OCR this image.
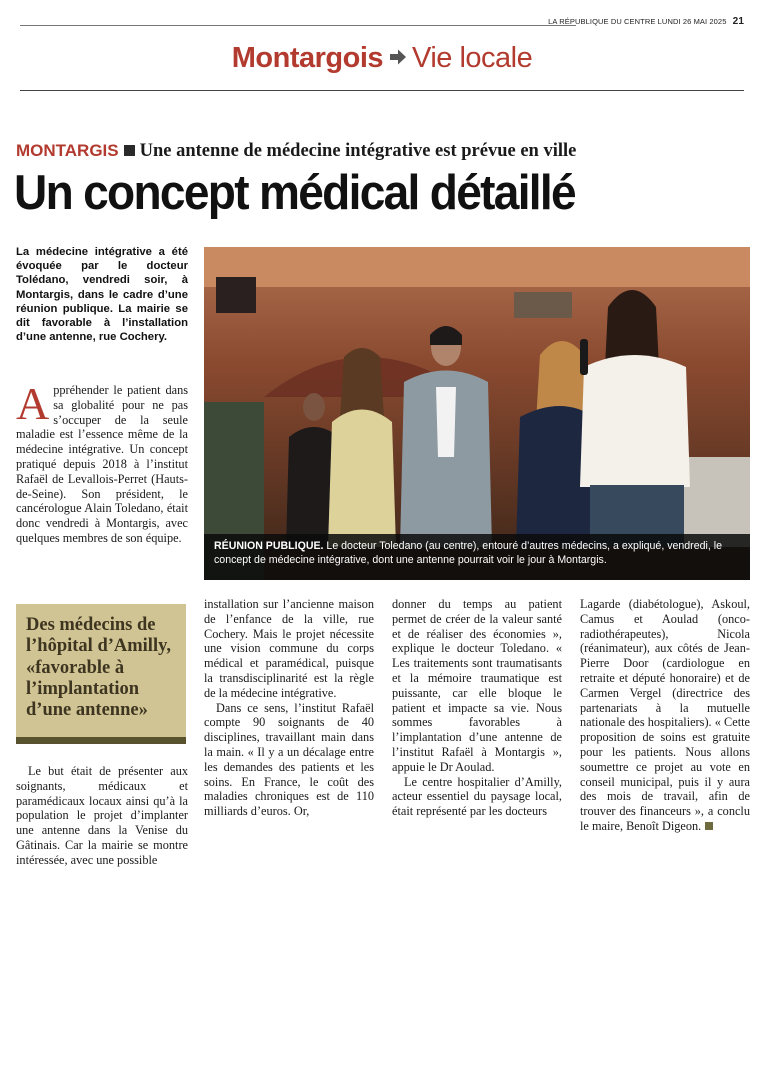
LA RÉPUBLIQUE DU CENTRE LUNDI 26 MAI 2025 21
Montargois Vie locale
MONTARGIS Une antenne de médecine intégrative est prévue en ville
Un concept médical détaillé
La médecine intégrative a été évoquée par le docteur Tolédano, vendredi soir, à Montargis, dans le cadre d’une réunion publique. La mairie se dit favorable à l’installation d’une antenne, rue Cochery.
RÉUNION PUBLIQUE. Le docteur Toledano (au centre), entouré d’autres médecins, a expliqué, vendredi, le concept de médecine intégrative, dont une antenne pourrait voir le jour à Montargis.

Appréhender le patient dans sa globalité pour ne pas s’occuper de la seule maladie est l’essence même de la médecine intégrative. Un concept pratiqué depuis 2018 à l’institut Rafaël de Levallois-Perret (Hauts-de-Seine). Son président, le cancérologue Alain Toledano, était donc vendredi à Montargis, avec quelques membres de son équipe.

Des médecins de l’hôpital d’Amilly, «favorable à l’implantation d’une antenne»

Le but était de présenter aux soignants, médicaux et paramédicaux locaux ainsi qu’à la population le projet d’implanter une antenne dans la Venise du Gâtinais. Car la mairie se montre intéressée, avec une possible

installation sur l’ancienne maison de l’enfance de la ville, rue Cochery. Mais le projet nécessite une vision commune du corps médical et paramédical, puisque la transdisciplinarité est la règle de la médecine intégrative.

Dans ce sens, l’institut Rafaël compte 90 soignants de 40 disciplines, travaillant main dans la main. « Il y a un décalage entre les demandes des patients et les soins. En France, le coût des maladies chroniques est de 110 milliards d’euros. Or,

donner du temps au patient permet de créer de la valeur santé et de réaliser des économies », explique le docteur Toledano. « Les traitements sont traumatisants et la mémoire traumatique est puissante, car elle bloque le patient et impacte sa vie. Nous sommes favorables à l’implantation d’une antenne de l’institut Rafaël à Montargis », appuie le Dr Aoulad.

Le centre hospitalier d’Amilly, acteur essentiel du paysage local, était représenté par les docteurs

Lagarde (diabétologue), Askoul, Camus et Aoulad (onco-radiothérapeutes), Nicola (réanimateur), aux côtés de Jean-Pierre Door (cardiologue en retraite et député honoraire) et de Carmen Vergel (directrice des partenariats à la mutuelle nationale des hospitaliers). « Cette proposition de soins est gratuite pour les patients. Nous allons soumettre ce projet au vote en conseil municipal, puis il y aura des mois de travail, afin de trouver des financeurs », a conclu le maire, Benoît Digeon.
